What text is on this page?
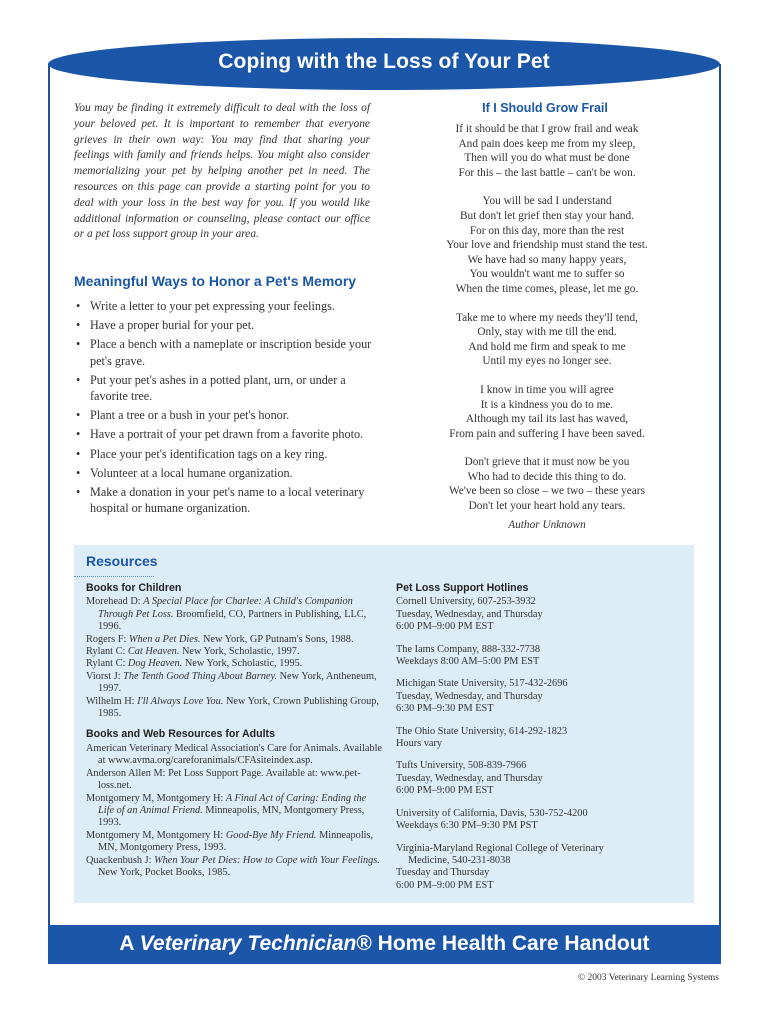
Coping with the Loss of Your Pet

You may be finding it extremely difficult to deal with the loss of your beloved pet. It is important to remember that everyone grieves in their own way: You may find that sharing your feelings with family and friends helps. You might also consider memorializing your pet by helping another pet in need. The resources on this page can provide a starting point for you to deal with your loss in the best way for you. If you would like additional information or counseling, please contact our office or a pet loss support group in your area.

Meaningful Ways to Honor a Pet's Memory
• Write a letter to your pet expressing your feelings.
• Have a proper burial for your pet.
• Place a bench with a nameplate or inscription beside your pet's grave.
• Put your pet's ashes in a potted plant, urn, or under a favorite tree.
• Plant a tree or a bush in your pet's honor.
• Have a portrait of your pet drawn from a favorite photo.
• Place your pet's identification tags on a key ring.
• Volunteer at a local humane organization.
• Make a donation in your pet's name to a local veterinary hospital or humane organization.
If I Should Grow Frail
If it should be that I grow frail and weak
And pain does keep me from my sleep,
Then will you do what must be done
For this – the last battle – can't be won.
You will be sad I understand
But don't let grief then stay your hand.
For on this day, more than the rest
Your love and friendship must stand the test.
We have had so many happy years,
You wouldn't want me to suffer so
When the time comes, please, let me go.
Take me to where my needs they'll tend,
Only, stay with me till the end.
And hold me firm and speak to me
Until my eyes no longer see.
I know in time you will agree
It is a kindness you do to me.
Although my tail its last has waved,
From pain and suffering I have been saved.
Don't grieve that it must now be you
Who had to decide this thing to do.
We've been so close – we two – these years
Don't let your heart hold any tears.
Author Unknown
Resources
Books for Children
Morehead D: A Special Place for Charlee: A Child's Companion Through Pet Loss. Broomfield, CO, Partners in Publishing, LLC, 1996.
Rogers F: When a Pet Dies. New York, GP Putnam's Sons, 1988.
Rylant C: Cat Heaven. New York, Scholastic, 1997.
Rylant C: Dog Heaven. New York, Scholastic, 1995.
Viorst J: The Tenth Good Thing About Barney. New York, Antheneum, 1997.
Wilhelm H: I'll Always Love You. New York, Crown Publishing Group, 1985.
Books and Web Resources for Adults
American Veterinary Medical Association's Care for Animals. Available at www.avma.org/careforanimals/CFAsiteindex.asp.
Anderson Allen M: Pet Loss Support Page. Available at: www.pet-loss.net.
Montgomery M, Montgomery H: A Final Act of Caring: Ending the Life of an Animal Friend. Minneapolis, MN, Montgomery Press, 1993.
Montgomery M, Montgomery H: Good-Bye My Friend. Minneapolis, MN, Montgomery Press, 1993.
Quackenbush J: When Your Pet Dies: How to Cope with Your Feelings. New York, Pocket Books, 1985.
Pet Loss Support Hotlines
Cornell University, 607-253-3932
Tuesday, Wednesday, and Thursday
6:00 PM–9:00 PM EST
The Iams Company, 888-332-7738
Weekdays 8:00 AM–5:00 PM EST
Michigan State University, 517-432-2696
Tuesday, Wednesday, and Thursday
6:30 PM–9:30 PM EST
The Ohio State University, 614-292-1823
Hours vary
Tufts University, 508-839-7966
Tuesday, Wednesday, and Thursday
6:00 PM–9:00 PM EST
University of California, Davis, 530-752-4200
Weekdays 6:30 PM–9:30 PM PST
Virginia-Maryland Regional College of Veterinary
Medicine, 540-231-8038
Tuesday and Thursday
6:00 PM–9:00 PM EST
A Veterinary Technician® Home Health Care Handout
© 2003 Veterinary Learning Systems
